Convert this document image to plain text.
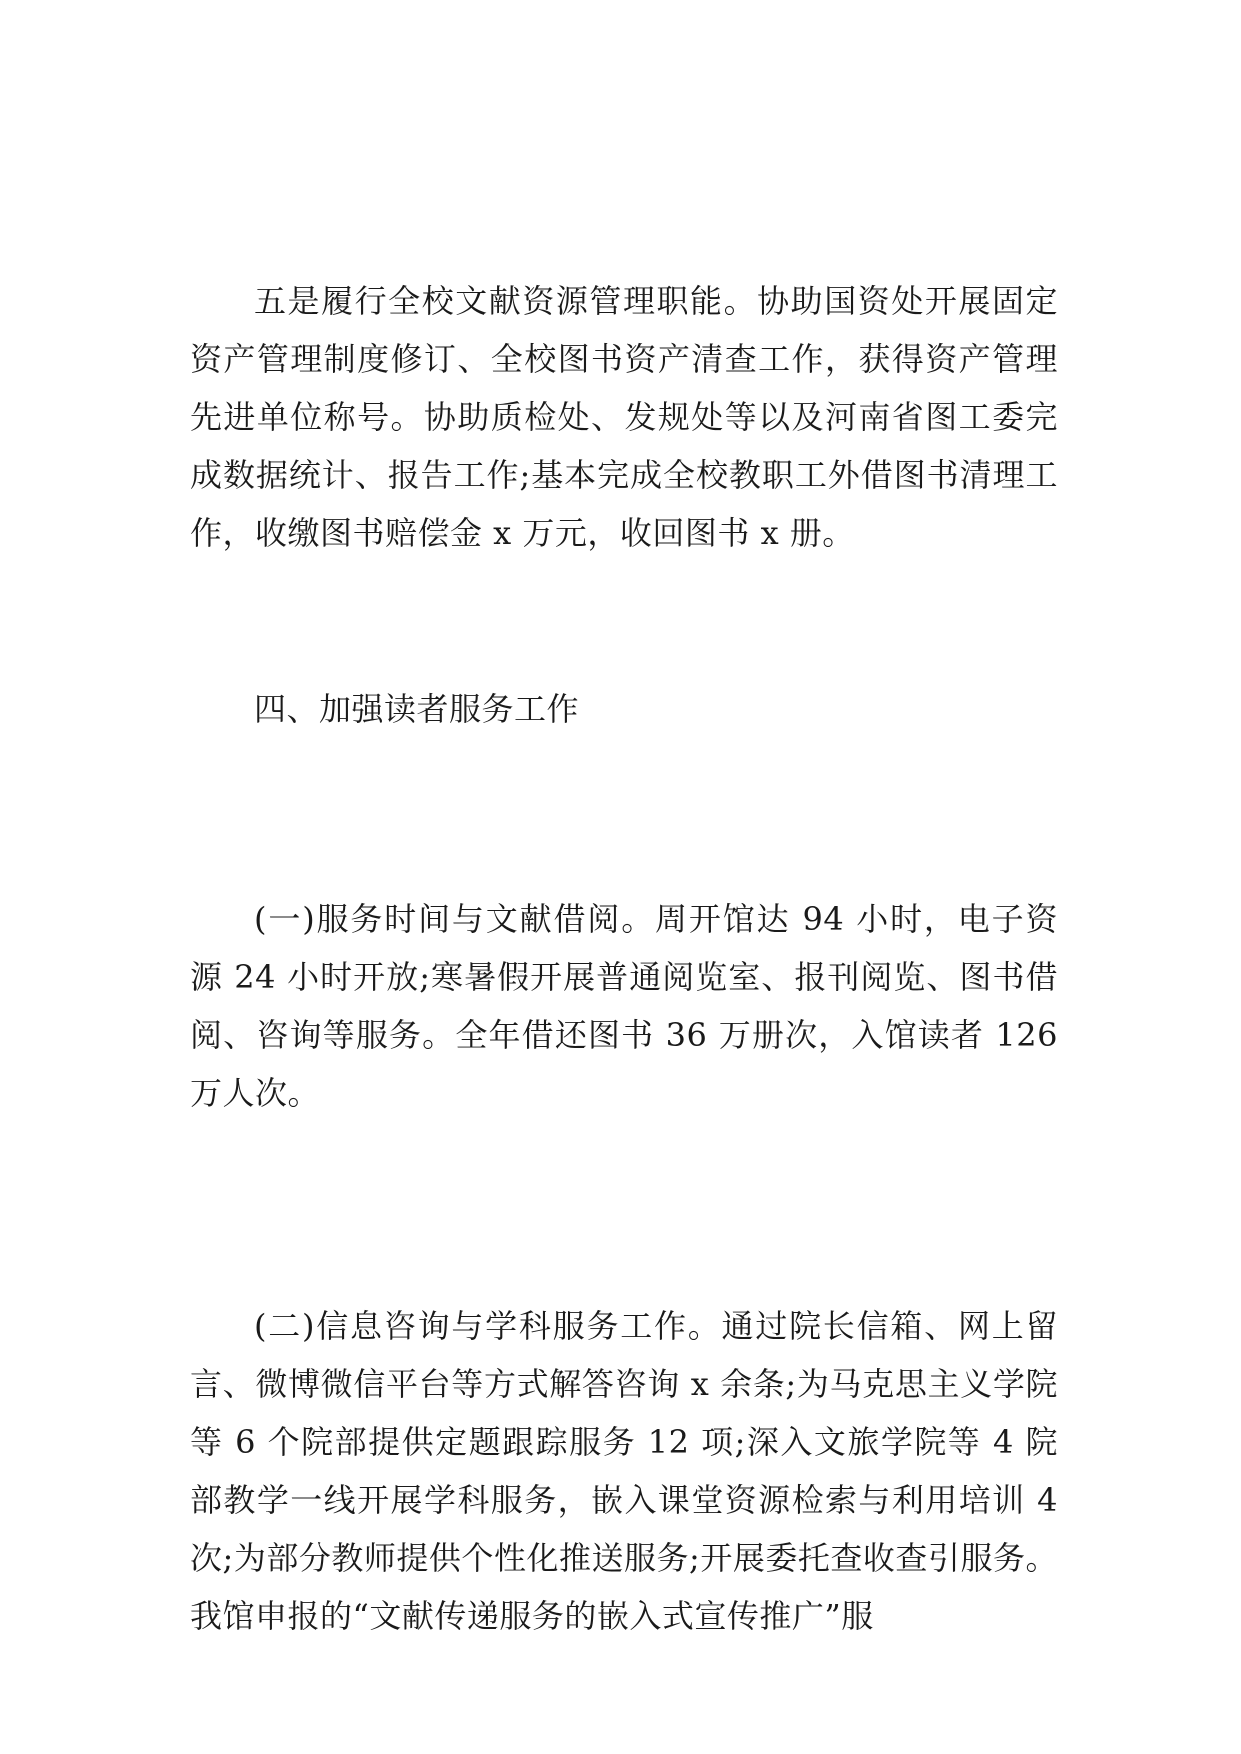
五是履行全校文献资源管理职能。协助国资处开展固定资产管理制度修订、全校图书资产清查工作，获得资产管理先进单位称号。协助质检处、发规处等以及河南省图工委完成数据统计、报告工作;基本完成全校教职工外借图书清理工作，收缴图书赔偿金 x 万元，收回图书 x 册。

四、加强读者服务工作

(一)服务时间与文献借阅。周开馆达 94 小时，电子资源 24 小时开放;寒暑假开展普通阅览室、报刊阅览、图书借阅、咨询等服务。全年借还图书 36 万册次，入馆读者 126 万人次。

(二)信息咨询与学科服务工作。通过院长信箱、网上留言、微博微信平台等方式解答咨询 x 余条;为马克思主义学院等 6 个院部提供定题跟踪服务 12 项;深入文旅学院等 4 院部教学一线开展学科服务，嵌入课堂资源检索与利用培训 4 次;为部分教师提供个性化推送服务;开展委托查收查引服务。我馆申报的“文献传递服务的嵌入式宣传推广”服
